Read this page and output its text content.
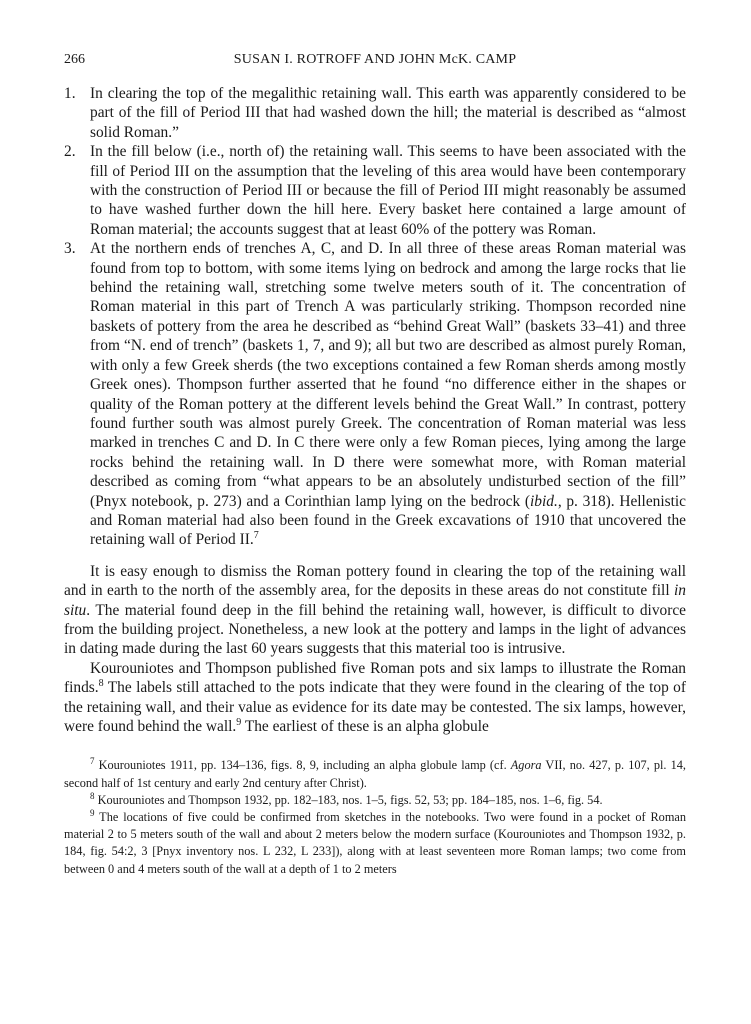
266	SUSAN I. ROTROFF AND JOHN McK. CAMP
1. In clearing the top of the megalithic retaining wall. This earth was apparently considered to be part of the fill of Period III that had washed down the hill; the material is described as “almost solid Roman.”
2. In the fill below (i.e., north of) the retaining wall. This seems to have been associated with the fill of Period III on the assumption that the leveling of this area would have been contemporary with the construction of Period III or because the fill of Period III might reasonably be assumed to have washed further down the hill here. Every basket here contained a large amount of Roman material; the accounts suggest that at least 60% of the pottery was Roman.
3. At the northern ends of trenches A, C, and D. In all three of these areas Roman material was found from top to bottom, with some items lying on bedrock and among the large rocks that lie behind the retaining wall, stretching some twelve meters south of it. The concentration of Roman material in this part of Trench A was particularly striking. Thompson recorded nine baskets of pottery from the area he described as “behind Great Wall” (baskets 33–41) and three from “N. end of trench” (baskets 1, 7, and 9); all but two are described as almost purely Roman, with only a few Greek sherds (the two exceptions contained a few Roman sherds among mostly Greek ones). Thompson further asserted that he found “no difference either in the shapes or quality of the Roman pottery at the different levels behind the Great Wall.” In contrast, pottery found further south was almost purely Greek. The concentration of Roman material was less marked in trenches C and D. In C there were only a few Roman pieces, lying among the large rocks behind the retaining wall. In D there were somewhat more, with Roman material described as coming from “what appears to be an absolutely undisturbed section of the fill” (Pnyx notebook, p. 273) and a Corinthian lamp lying on the bedrock (ibid., p. 318). Hellenistic and Roman material had also been found in the Greek excavations of 1910 that uncovered the retaining wall of Period II.$^7$

It is easy enough to dismiss the Roman pottery found in clearing the top of the retaining wall and in earth to the north of the assembly area, for the deposits in these areas do not constitute fill in situ. The material found deep in the fill behind the retaining wall, however, is difficult to divorce from the building project. Nonetheless, a new look at the pottery and lamps in the light of advances in dating made during the last 60 years suggests that this material too is intrusive.

Kourouniotes and Thompson published five Roman pots and six lamps to illustrate the Roman finds.$^8$ The labels still attached to the pots indicate that they were found in the clearing of the top of the retaining wall, and their value as evidence for its date may be contested. The six lamps, however, were found behind the wall.$^9$ The earliest of these is an alpha globule

$^7$ Kourouniotes 1911, pp. 134–136, figs. 8, 9, including an alpha globule lamp (cf. Agora VII, no. 427, p. 107, pl. 14, second half of 1st century and early 2nd century after Christ).

$^8$ Kourouniotes and Thompson 1932, pp. 182–183, nos. 1–5, figs. 52, 53; pp. 184–185, nos. 1–6, fig. 54.

$^9$ The locations of five could be confirmed from sketches in the notebooks. Two were found in a pocket of Roman material 2 to 5 meters south of the wall and about 2 meters below the modern surface (Kourouniotes and Thompson 1932, p. 184, fig. 54:2, 3 [Pnyx inventory nos. L 232, L 233]), along with at least seventeen more Roman lamps; two come from between 0 and 4 meters south of the wall at a depth of 1 to 2 meters
